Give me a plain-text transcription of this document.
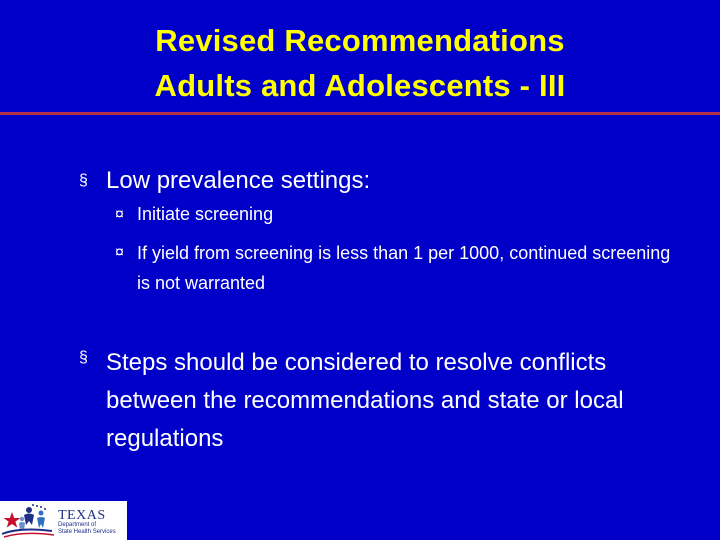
Revised Recommendations
Adults and Adolescents - III
§ Low prevalence settings:
¤ Initiate screening
¤ If yield from screening is less than 1 per 1000, continued screening is not warranted
§ Steps should be considered to resolve conflicts between the recommendations and state or local regulations
TEXAS
Department of
State Health Services
